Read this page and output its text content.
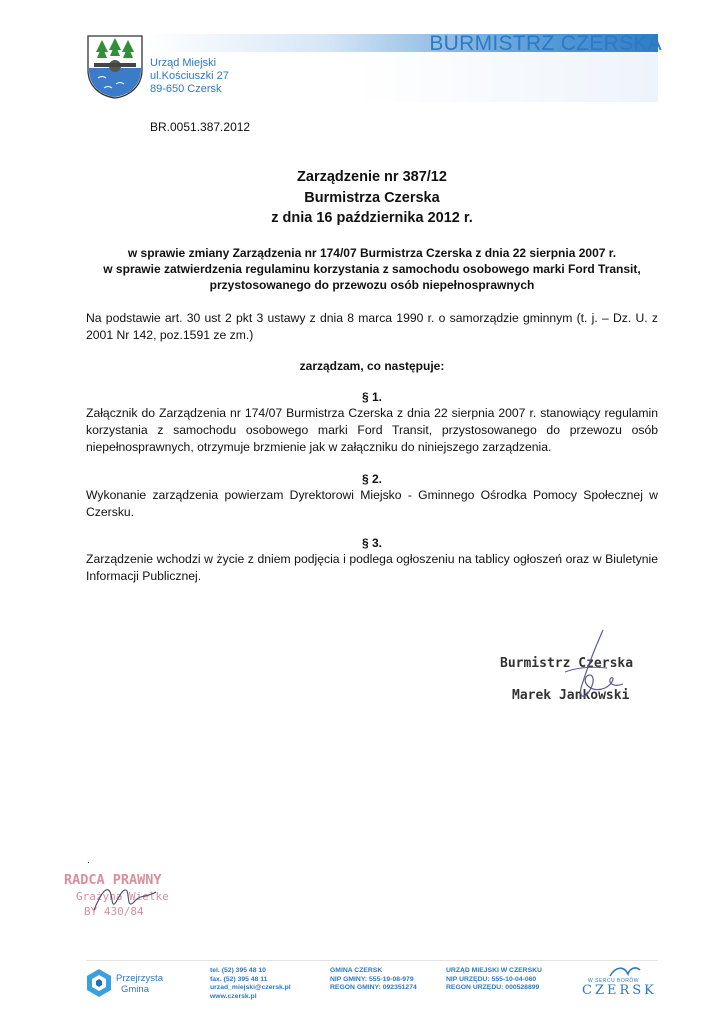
BURMISTRZ CZERSKA
Urząd Miejski
ul.Kościuszki 27
89-650 Czersk
BR.0051.387.2012
Zarządzenie nr 387/12
Burmistrza Czerska
z dnia 16 października 2012 r.
w sprawie zmiany Zarządzenia nr 174/07 Burmistrza Czerska z dnia 22 sierpnia 2007 r.
w sprawie zatwierdzenia regulaminu korzystania z samochodu osobowego marki Ford Transit,
przystosowanego do przewozu osób niepełnosprawnych
Na podstawie art. 30 ust 2 pkt 3 ustawy z dnia 8 marca 1990 r. o samorządzie gminnym (t. j. – Dz. U. z 2001 Nr 142, poz.1591 ze zm.)
zarządzam, co następuje:
§ 1.
Załącznik do Zarządzenia nr 174/07 Burmistrza Czerska z dnia 22 sierpnia 2007 r. stanowiący regulamin korzystania z samochodu osobowego marki Ford Transit, przystosowanego do przewozu osób niepełnosprawnych, otrzymuje brzmienie jak w załączniku do niniejszego zarządzenia.
§ 2.
Wykonanie zarządzenia powierzam Dyrektorowi Miejsko - Gminnego Ośrodka Pomocy Społecznej w Czersku.
§ 3.
Zarządzenie wchodzi w życie z dniem podjęcia i podlega ogłoszeniu na tablicy ogłoszeń oraz w Biuletynie Informacji Publicznej.
Burmistrz Czerska
Marek Jankowski
.
RADCA PRAWNY
Grażyna Wielke
BY 430/84
Przejrzysta
Gmina
tel. (52) 395 48 10
fax. (52) 395 48 11
urzad_miejski@czersk.pl
www.czersk.pl
GMINA CZERSK
NIP GMINY: 555-19-08-979
REGON GMINY: 092351274
URZĄD MIEJSKI W CZERSKU
NIP URZĘDU: 555-10-04-060
REGON URZĘDU: 000528899
W SERCU BORÓW
CZERSK
